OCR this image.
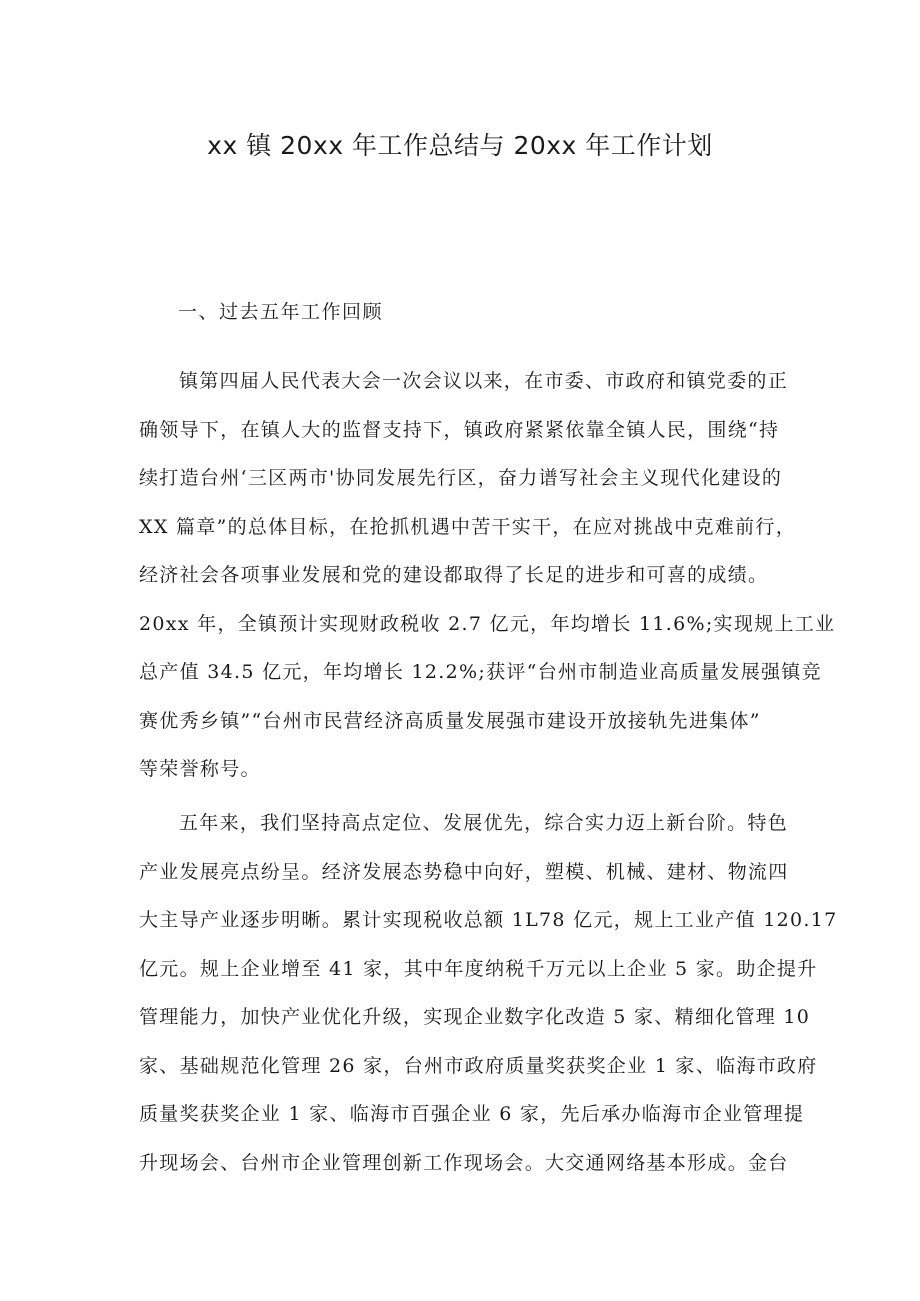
xx 镇 20xx 年工作总结与 20xx 年工作计划

一、过去五年工作回顾

镇第四届人民代表大会一次会议以来，在市委、市政府和镇党委的正
确领导下，在镇人大的监督支持下，镇政府紧紧依靠全镇人民，围绕“持
续打造台州‘三区两市'协同发展先行区，奋力谱写社会主义现代化建设的
XX 篇章”的总体目标，在抢抓机遇中苦干实干，在应对挑战中克难前行，
经济社会各项事业发展和党的建设都取得了长足的进步和可喜的成绩。
20xx 年，全镇预计实现财政税收 2.7 亿元，年均增长 11.6%;实现规上工业
总产值 34.5 亿元，年均增长 12.2%;获评“台州市制造业高质量发展强镇竞
赛优秀乡镇”“台州市民营经济高质量发展强市建设开放接轨先进集体”
等荣誉称号。
五年来，我们坚持高点定位、发展优先，综合实力迈上新台阶。特色
产业发展亮点纷呈。经济发展态势稳中向好，塑模、机械、建材、物流四
大主导产业逐步明晰。累计实现税收总额 1L78 亿元，规上工业产值 120.17
亿元。规上企业增至 41 家，其中年度纳税千万元以上企业 5 家。助企提升
管理能力，加快产业优化升级，实现企业数字化改造 5 家、精细化管理 10
家、基础规范化管理 26 家，台州市政府质量奖获奖企业 1 家、临海市政府
质量奖获奖企业 1 家、临海市百强企业 6 家，先后承办临海市企业管理提
升现场会、台州市企业管理创新工作现场会。大交通网络基本形成。金台
